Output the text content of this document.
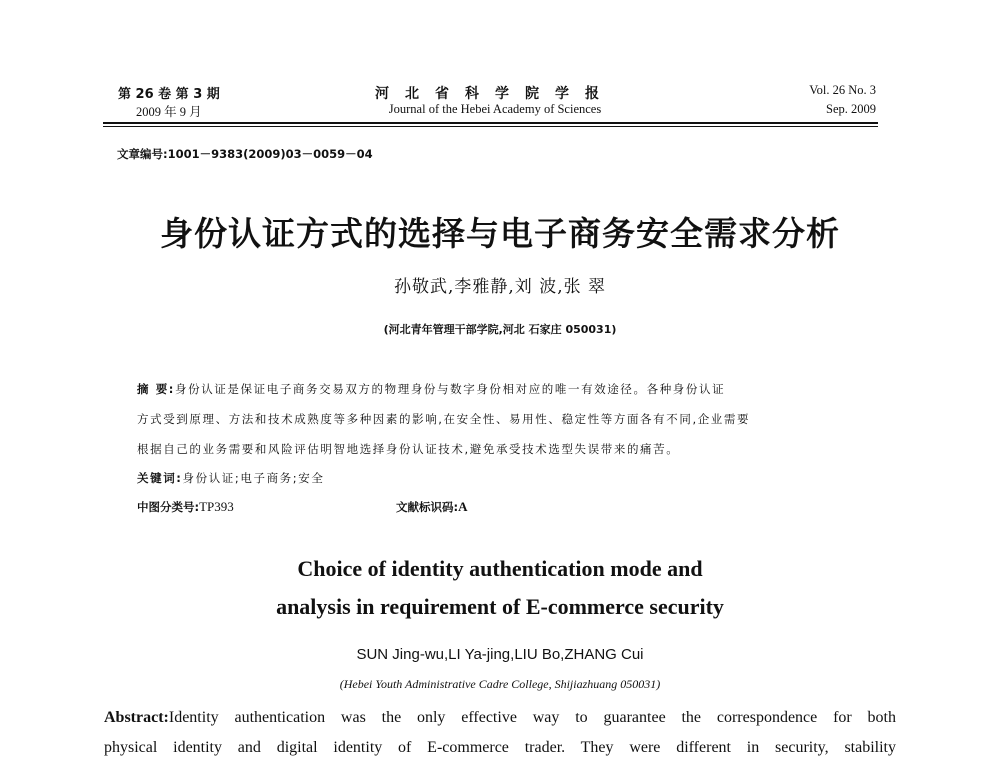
第 26 卷 第 3 期
2009 年 9 月
河北省科学院学报
Journal of the Hebei Academy of Sciences
Vol. 26 No. 3
Sep. 2009
文章编号:1001－9383(2009)03－0059－04
身份认证方式的选择与电子商务安全需求分析
孙敬武,李雅静,刘 波,张 翠
(河北青年管理干部学院,河北 石家庄 050031)
摘 要:身份认证是保证电子商务交易双方的物理身份与数字身份相对应的唯一有效途径。各种身份认证
方式受到原理、方法和技术成熟度等多种因素的影响,在安全性、易用性、稳定性等方面各有不同,企业需要
根据自己的业务需要和风险评估明智地选择身份认证技术,避免承受技术选型失误带来的痛苦。
关键词:身份认证;电子商务;安全
中图分类号:TP393	文献标识码:A
Choice of identity authentication mode and
analysis in requirement of E-commerce security
SUN Jing-wu,LI Ya-jing,LIU Bo,ZHANG Cui
(Hebei Youth Administrative Cadre College, Shijiazhuang 050031)
Abstract:Identity authentication was the only effective way to guarantee the correspondence for both
physical identity and digital identity of E-commerce trader. They were different in security, stability
